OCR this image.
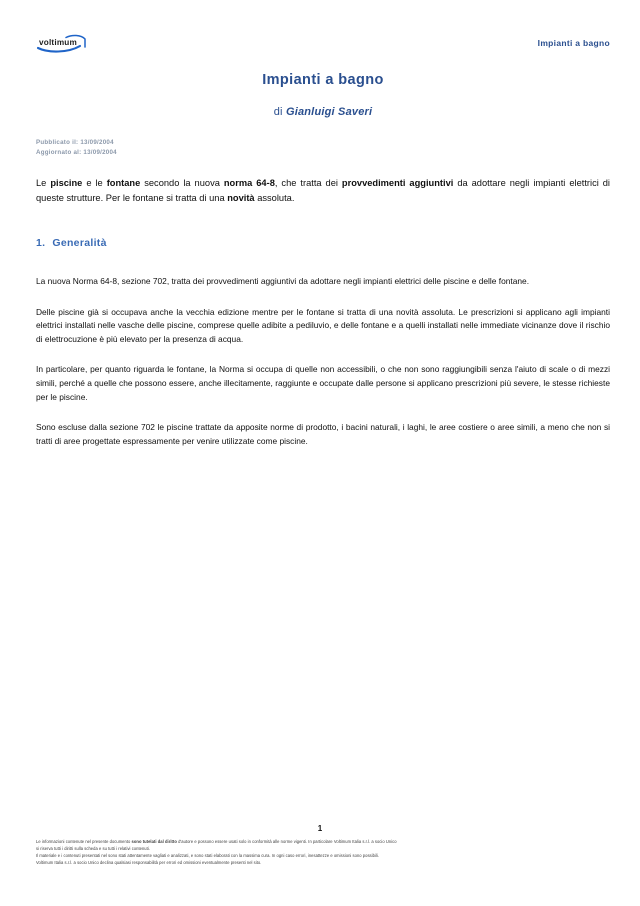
voltimum	Impianti a bagno
Impianti a bagno

di Gianluigi Saveri

Pubblicato il: 13/09/2004
Aggiornato al: 13/09/2004

Le piscine e le fontane secondo la nuova norma 64-8, che tratta dei provvedimenti aggiuntivi da adottare negli impianti elettrici di queste strutture. Per le fontane si tratta di una novità assoluta.

1. Generalità

La nuova Norma 64-8, sezione 702, tratta dei provvedimenti aggiuntivi da adottare negli impianti elettrici delle piscine e delle fontane.

Delle piscine già si occupava anche la vecchia edizione mentre per le fontane si tratta di una novità assoluta. Le prescrizioni si applicano agli impianti elettrici installati nelle vasche delle piscine, comprese quelle adibite a pediluvio, e delle fontane e a quelli installati nelle immediate vicinanze dove il rischio di elettrocuzione è più elevato per la presenza di acqua.

In particolare, per quanto riguarda le fontane, la Norma si occupa di quelle non accessibili, o che non sono raggiungibili senza l'aiuto di scale o di mezzi simili, perché a quelle che possono essere, anche illecitamente, raggiunte e occupate dalle persone si applicano prescrizioni più severe, le stesse richieste per le piscine.

Sono escluse dalla sezione 702 le piscine trattate da apposite norme di prodotto, i bacini naturali, i laghi, le aree costiere o aree simili, a meno che non si tratti di aree progettate espressamente per venire utilizzate come piscine.

1
Le informazioni contenute nel presente documento sono tutelati dal diritto d'autore e possono essere usati solo in conformità alle norme vigenti. In particolare Voltimum Italia s.r.l. a socio Unico
si riserva tutti i diritti sulla scheda e su tutti i relativi contenuti.
Il materiale e i contenuti presentati nel sono stati attentamente vagliati e analizzati, e sono stati elaborati con la massima cura. In ogni caso errori, inesattezze e omissioni sono possibili.
Voltimum Italia s.r.l. a socio Unico declina qualsiasi responsabilità per errori ed omissioni eventualmente presenti nel sito.
